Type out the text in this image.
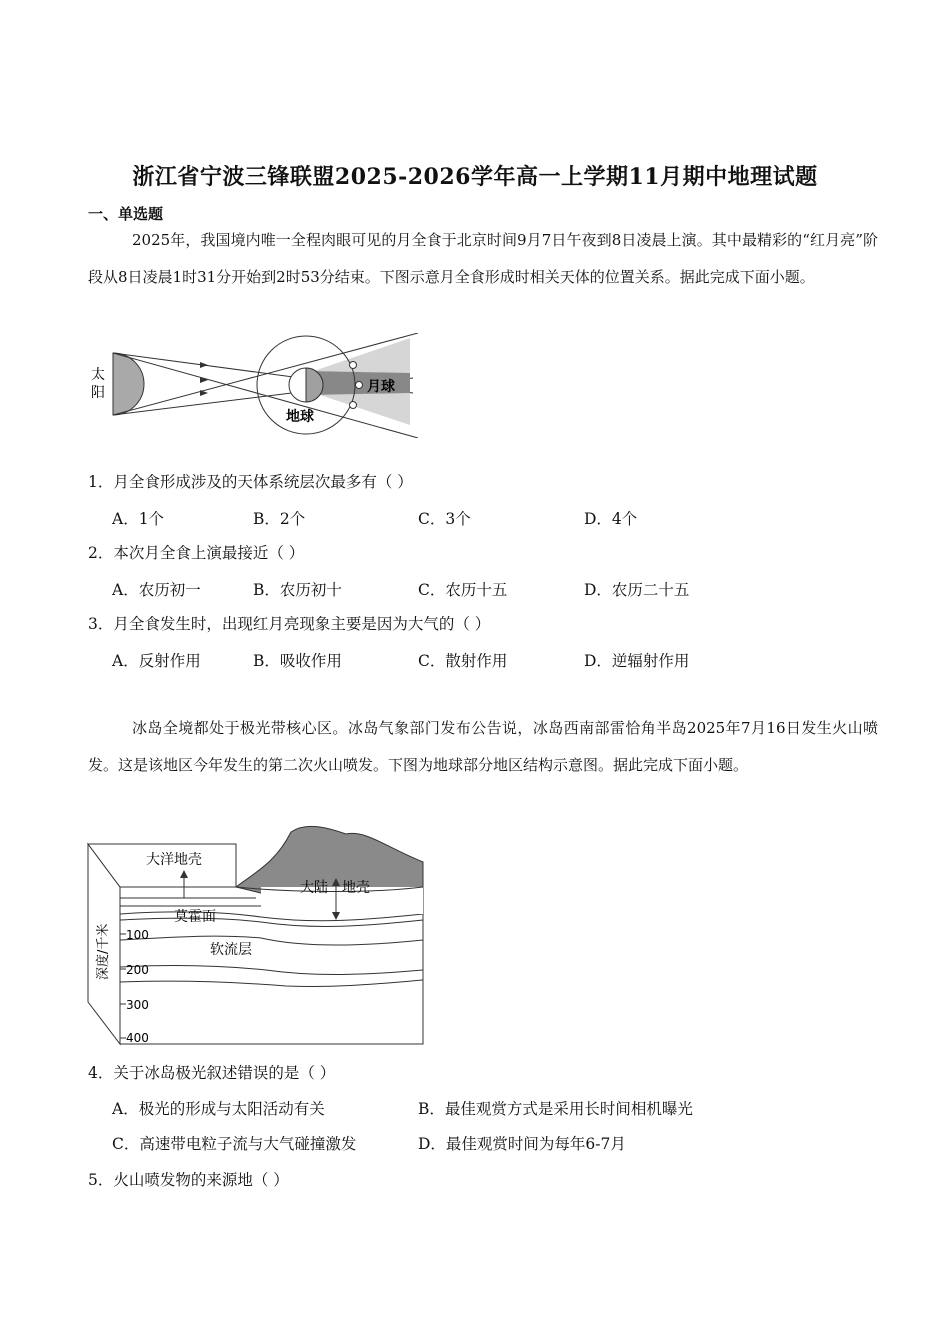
浙江省宁波三锋联盟2025-2026学年高一上学期11月期中地理试题
一、单选题
2025年，我国境内唯一全程肉眼可见的月全食于北京时间9月7日午夜到8日凌晨上演。其中最精彩的“红月亮”阶段从8日凌晨1时31分开始到2时53分结束。下图示意月全食形成时相关天体的位置关系。据此完成下面小题。
太
阳	月球
地球
1．月全食形成涉及的天体系统层次最多有（ ）
A．1个	B．2个	C．3个	D．4个
2．本次月全食上演最接近（ ）
A．农历初一	B．农历初十	C．农历十五	D．农历二十五
3．月全食发生时，出现红月亮现象主要是因为大气的（ ）
A．反射作用	B．吸收作用	C．散射作用	D．逆辐射作用
冰岛全境都处于极光带核心区。冰岛气象部门发布公告说，冰岛西南部雷恰角半岛2025年7月16日发生火山喷发。这是该地区今年发生的第二次火山喷发。下图为地球部分地区结构示意图。据此完成下面小题。
大洋地壳
大陆 地壳
莫霍面
软流层
深度/千米 100
200
300
400
4．关于冰岛极光叙述错误的是（ ）
A．极光的形成与太阳活动有关	B．最佳观赏方式是采用长时间相机曝光
C．高速带电粒子流与大气碰撞激发	D．最佳观赏时间为每年6-7月
5．火山喷发物的来源地（ ）
